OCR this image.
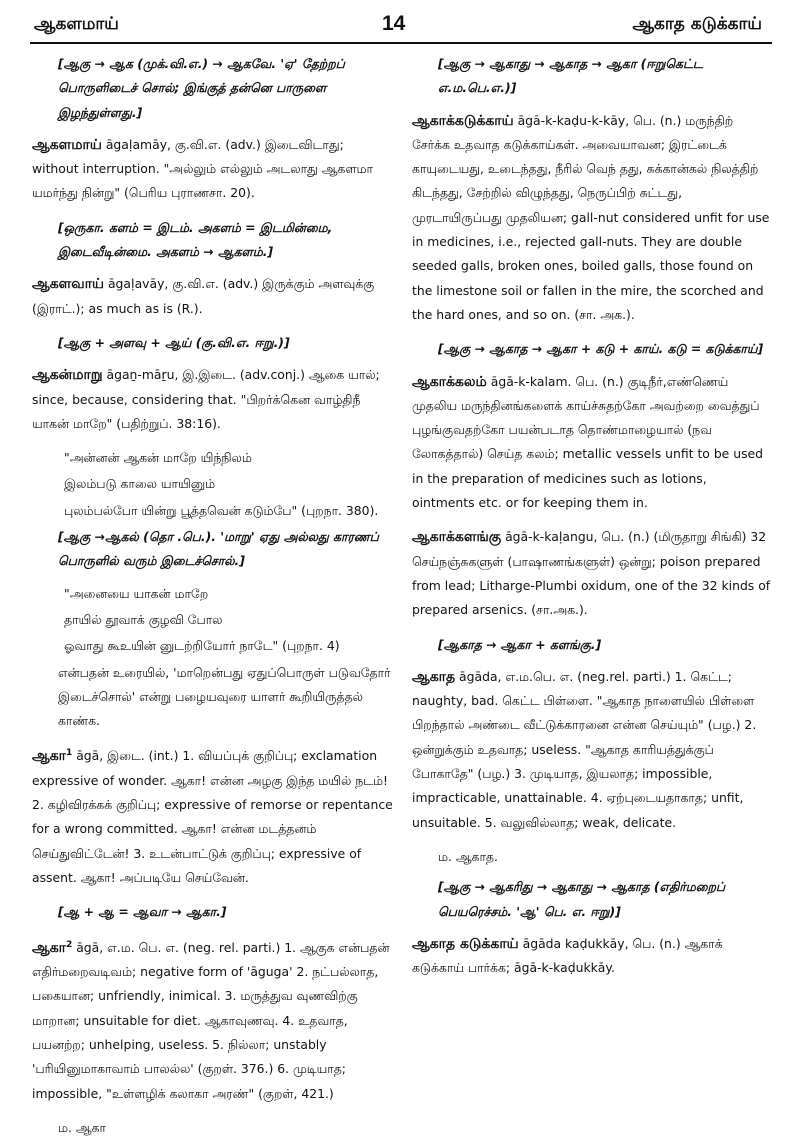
ஆகளமாய்	14	ஆகாத கடுக்காய்
[ஆகு → ஆக (முக்.வி.எ.) → ஆகவே. 'ஏ' தேற்றப் பொருளிடைச் சொல்; இங்குத் தன்னெ பாருளை இழந்துள்ளது.]
ஆகளமாய் āgaḷamāy, கு.வி.எ. (adv.) இடைவிடாது; without interruption. "அல்லும் எல்லும் அடலாது ஆகளமா யமர்ந்து நின்று" (பெரிய புராணசா. 20).
[ஒருகா. களம் = இடம். அகளம் = இடமின்மை, இடைவீடின்மை. அகளம் → ஆகளம்.]
ஆகளவாய் āgaḷavāy, கு.வி.எ. (adv.) இருக்கும் அளவுக்கு (இராட்.); as much as is (R.).
[ஆகு + அளவு + ஆய் (கு.வி.எ. ஈறு.)]
ஆகன்மாறு āgaṉ-māṟu, இ.இடை. (adv.conj.) ஆகை யால்; since, because, considering that. "பிறர்க்கென வாழ்திநீ யாகன் மாறே" (பதிற்றுப். 38:16).
"அன்னன் ஆகன் மாறே யிந்நிலம்
இலம்படு காலை யாயினும்
புலம்பல்போ யின்று பூத்தவென் கடும்பே" (புறநா. 380).
[ஆகு →ஆகல் (தொ .பெ.). 'மாறு' ஏது அல்லது காரணப் பொருளில் வரும் இடைச்சொல்.]
"அனையை யாகன் மாறே
தாயில் தூவாக் குழவி போல
ஓவாது கூஉயின் னுடற்றியோர் நாடே" (புறநா. 4)
என்பதன் உரையில், 'மாறென்பது ஏதுப்பொருள் படுவதோர் இடைச்சொல்' என்று பழையவுரை யாளர் கூறியிருத்தல் காண்க.
ஆகா$^1$ āgā, இடை. (int.) 1. வியப்புக் குறிப்பு; exclamation expressive of wonder. ஆகா! என்ன அழகு இந்த மயில் நடம்! 2. கழிவிரக்கக் குறிப்பு; expressive of remorse or repentance for a wrong committed. ஆகா! என்ன மடத்தனம் செய்துவிட்டேன்! 3. உடன்பாட்டுக் குறிப்பு; expressive of assent. ஆகா! அப்படியே செய்வேன்.
[ஆ + ஆ = ஆவா → ஆகா.]
ஆகா$^2$ āgā, எ.ம. பெ. எ. (neg. rel. parti.) 1. ஆகுக என்பதன் எதிர்மறைவடிவம்; negative form of 'āguga' 2. நட்பல்லாத, பகையான; unfriendly, inimical. 3. மருத்துவ வுணவிற்கு மாறான; unsuitable for diet. ஆகாவுணவு. 4. உதவாத, பயனற்ற; unhelping, useless. 5. நில்லா; unstably 'பரியினுமாகாவாம் பாலல்ல' (குறள். 376.) 6. முடியாத; impossible, "உள்ளழிக் கலாகா அரண்" (குறள், 421.)
ம. ஆகா
[ஆகு → ஆகாது → ஆகாத → ஆகா (ஈறுகெட்ட எ.ம.பெ.எ.)]
ஆகாக்கடுக்காய் āgā-k-kaḍu-k-kāy, பெ. (n.) மருந்திற் சேர்க்க உதவாத கடுக்காய்கள். அவையாவன; இரட்டைக் காயுடையது, உடைந்தது, நீரில் வெந் தது, சுக்கான்கல் நிலத்திற் கிடந்தது, சேற்றில் விழுந்தது, நெருப்பிற் சுட்டது, முரடாயிருப்பது முதலியன; gall-nut considered unfit for use in medicines, i.e., rejected gall-nuts. They are double seeded galls, broken ones, boiled galls, those found on the limestone soil or fallen in the mire, the scorched and the hard ones, and so on. (சா. அக.).
[ஆகு → ஆகாத → ஆகா + கடு + காய். கடு = கடுக்காய்]
ஆகாக்கலம் āgā-k-kalam. பெ. (n.) குடிநீர்,எண்ணெய் முதலிய மருந்தினங்களைக் காய்ச்சுதற்கோ அவற்றை வைத்துப் புழங்குவதற்கோ பயன்படாத தொண்மாழையால் (நவ லோகத்தால்) செய்த கலம்; metallic vessels unfit to be used in the preparation of medicines such as lotions, ointments etc. or for keeping them in.
ஆகாக்களங்கு āgā-k-kaḷangu, பெ. (n.) (மிருதாறு சிங்கி) 32 செய்நஞ்சுகளுள் (பாஷாணங்களுள்) ஒன்று; poison prepared from lead; Litharge-Plumbi oxidum, one of the 32 kinds of prepared arsenics. (சா.அக.).
[ஆகாத → ஆகா + களங்கு.]
ஆகாத āgāda, எ.ம.பெ. எ. (neg.rel. parti.) 1. கெட்ட; naughty, bad. கெட்ட பிள்ளை. "ஆகாத நாளையில் பிள்ளை பிறந்தால் அண்டை வீட்டுக்காரனை என்ன செய்யும்" (பழ.) 2. ஒன்றுக்கும் உதவாத; useless. "ஆகாத காரியத்துக்குப் போகாதே" (பழ.) 3. முடியாத, இயலாத; impossible, impracticable, unattainable. 4. ஏற்புடையதாகாத; unfit, unsuitable. 5. வலுவில்லாத; weak, delicate.
ம. ஆகாத.
[ஆகு → ஆகரிது → ஆகாது → ஆகாத (எதிர்மறைப் பெயரெச்சம். 'ஆ' பெ. எ. ஈறு)]
ஆகாத கடுக்காய் āgāda kaḍukkāy, பெ. (n.) ஆகாக் கடுக்காய் பார்க்க; āgā-k-kaḍukkāy.
